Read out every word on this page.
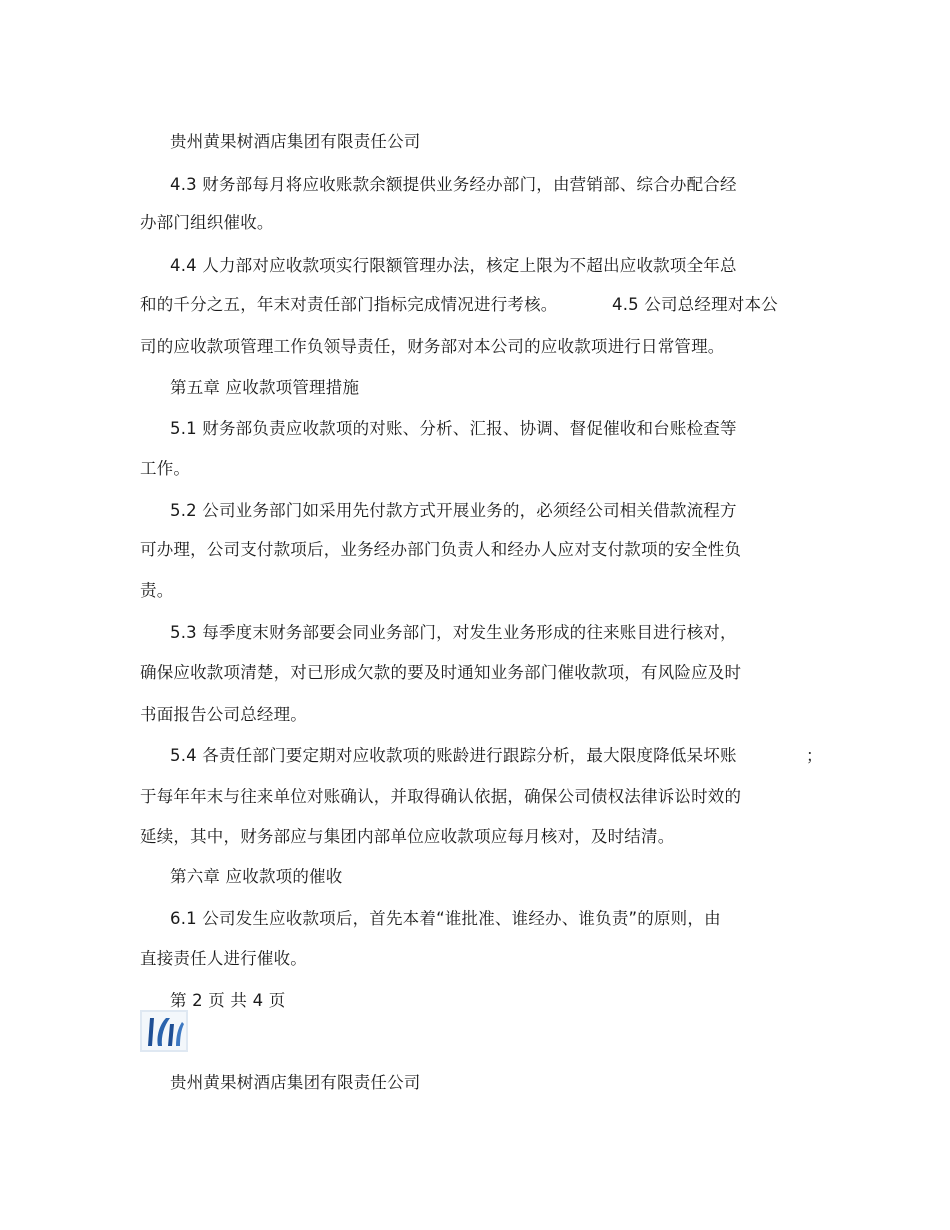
贵州黄果树酒店集团有限责任公司
4.3 财务部每月将应收账款余额提供业务经办部门，由营销部、综合办配合经
办部门组织催收。
4.4 人力部对应收款项实行限额管理办法，核定上限为不超出应收款项全年总
和的千分之五，年末对责任部门指标完成情况进行考核。	4.5 公司总经理对本公
司的应收款项管理工作负领导责任，财务部对本公司的应收款项进行日常管理。
第五章 应收款项管理措施
5.1 财务部负责应收款项的对账、分析、汇报、协调、督促催收和台账检查等
工作。
5.2 公司业务部门如采用先付款方式开展业务的，必须经公司相关借款流程方
可办理，公司支付款项后，业务经办部门负责人和经办人应对支付款项的安全性负
责。
5.3 每季度末财务部要会同业务部门，对发生业务形成的往来账目进行核对，
确保应收款项清楚，对已形成欠款的要及时通知业务部门催收款项，有风险应及时
书面报告公司总经理。
5.4 各责任部门要定期对应收款项的账龄进行跟踪分析，最大限度降低呆坏账	；
于每年年末与往来单位对账确认，并取得确认依据，确保公司债权法律诉讼时效的
延续，其中，财务部应与集团内部单位应收款项应每月核对，及时结清。
第六章 应收款项的催收
6.1 公司发生应收款项后，首先本着“谁批准、谁经办、谁负责”的原则，由
直接责任人进行催收。
第 2 页 共 4 页
贵州黄果树酒店集团有限责任公司
